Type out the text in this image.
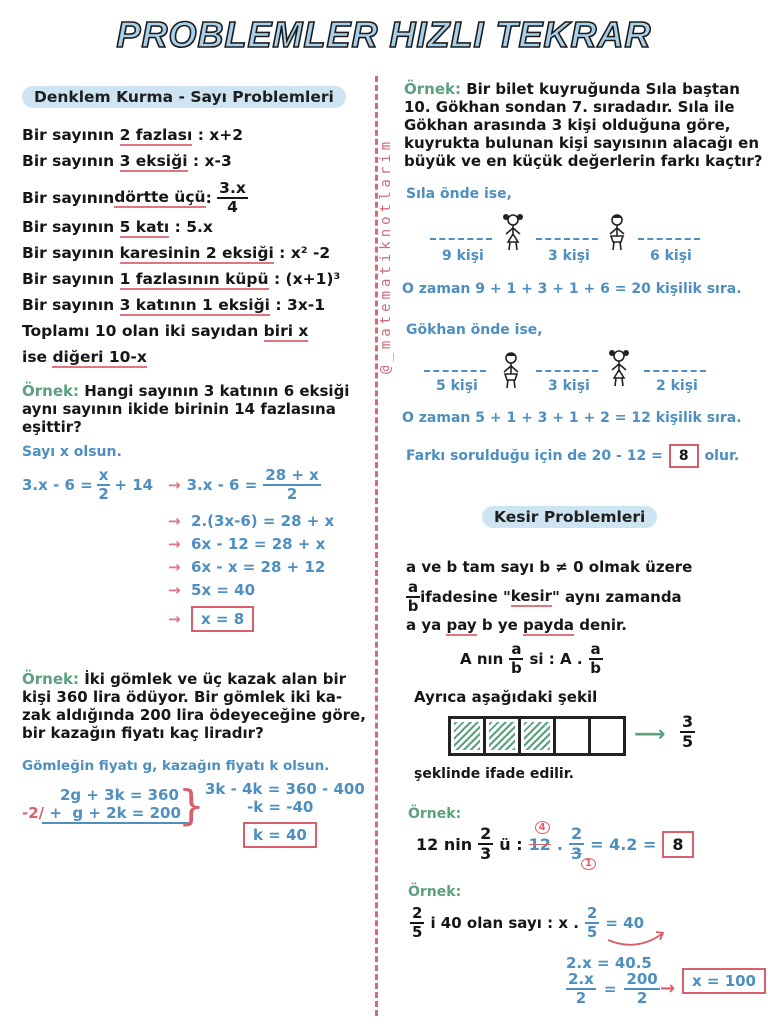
PROBLEMLER HIZLI TEKRAR
@_matematiknotlarim
Denklem Kurma - Sayı Problemleri
Bir sayının 2 fazlası : x+2
Bir sayının 3 eksiği : x-3
Bir sayının dörtte üçü :
$\frac{3.x}{4}$
Bir sayının 5 katı : 5.x
Bir sayının karesinin 2 eksiği : x² -2
Bir sayının 1 fazlasının küpü : (x+1)³
Bir sayının 3 katının 1 eksiği : 3x-1
Toplamı 10 olan iki sayıdan biri x
ise diğeri 10-x
Örnek: Hangi sayının 3 katının 6 eksiği
aynı sayının ikide birinin 14 fazlasına
eşittir?
Sayı x olsun.
$3.x - 6 = \frac{x}{2} + 14 \to 3.x - 6 = \frac{28 + x}{2}$
→ 2.(3x-6) = 28 + x
→ 6x - 12 = 28 + x
→ 6x - x = 28 + 12
→ 5x = 40
→ x = 8
Örnek: İki gömlek ve üç kazak alan bir
kişi 360 lira ödüyor. Bir gömlek iki ka-
zak aldığında 200 lira ödeyeceğine göre,
bir kazağın fiyatı kaç liradır?
Gömleğin fiyatı g, kazağın fiyatı k olsun.
2g + 3k = 360
-2/ + g + 2k = 200
} 3k - 4k = 360 - 400
-k = -40
k = 40
Örnek: Bir bilet kuyruğunda Sıla baştan
10. Gökhan sondan 7. sıradadır. Sıla ile
Gökhan arasında 3 kişi olduğuna göre,
kuyrukta bulunan kişi sayısının alacağı en
büyük ve en küçük değerlerin farkı kaçtır?
Sıla önde ise,
9 kişi	3 kişi	6 kişi
O zaman 9 + 1 + 3 + 1 + 6 = 20 kişilik sıra.
Gökhan önde ise,
5 kişi	3 kişi	2 kişi
O zaman 5 + 1 + 3 + 1 + 2 = 12 kişilik sıra.
Farkı sorulduğu için de 20 - 12 =	8	olur.
Kesir Problemleri
a ve b tam sayı b ≠ 0 olmak üzere
$\frac{a}{b}$ ifadesine " kesir " aynı zamanda
a ya pay b ye payda denir.
A nın $\frac{a}{b}$ si : A . $\frac{a}{b}$
Ayrıca aşağıdaki şekil
⟶ $\frac{3}{5}$
şeklinde ifade edilir.
Örnek:
12 nin $\frac{2}{3}$ ü : 12
4
.
2
3
1
= 4.2 =	8
Örnek:
$\frac{2}{5}$ i 40 olan sayı : x . $\frac{2}{5} = 40$
2.x = 40.5
$\frac{2.x}{2} = \frac{200}{2}$ →	x = 100
